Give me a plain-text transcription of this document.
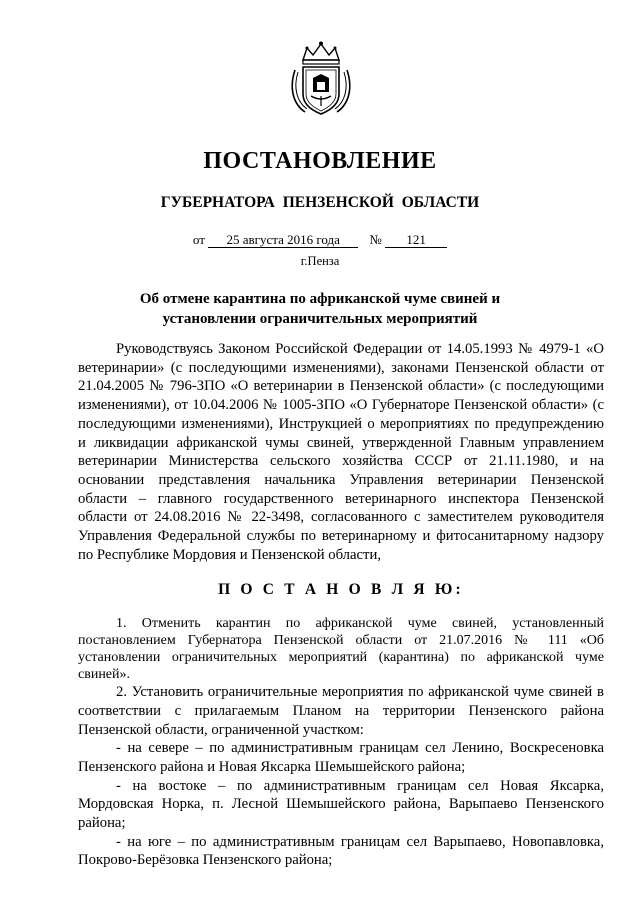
ПОСТАНОВЛЕНИЕ
ГУБЕРНАТОРА ПЕНЗЕНСКОЙ ОБЛАСТИ
от 25 августа 2016 года № 121
г.Пенза
Об отмене карантина по африканской чуме свиней и
установлении ограничительных мероприятий

Руководствуясь Законом Российской Федерации от 14.05.1993 № 4979-1 «О ветеринарии» (с последующими изменениями), законами Пензенской области от 21.04.2005 № 796-ЗПО «О ветеринарии в Пензенской области» (с последующими изменениями), от 10.04.2006 № 1005-ЗПО «О Губернаторе Пензенской области» (с последующими изменениями), Инструкцией о мероприятиях по предупреждению и ликвидации африканской чумы свиней, утвержденной Главным управлением ветеринарии Министерства сельского хозяйства СССР от 21.11.1980, и на основании представления начальника Управления ветеринарии Пензенской области – главного государственного ветеринарного инспектора Пензенской области от 24.08.2016 № 22-3498, согласованного с заместителем руководителя Управления Федеральной службы по ветеринарному и фитосанитарному надзору по Республике Мордовия и Пензенской области,

П О С Т А Н О В Л Я Ю:

1. Отменить карантин по африканской чуме свиней, установленный постановлением Губернатора Пензенской области от 21.07.2016 № 111 «Об установлении ограничительных мероприятий (карантина) по африканской чуме свиней».

2. Установить ограничительные мероприятия по африканской чуме свиней в соответствии с прилагаемым Планом на территории Пензенского района Пензенской области, ограниченной участком:

- на севере – по административным границам сел Ленино, Воскресеновка Пензенского района и Новая Яксарка Шемышейского района;

- на востоке – по административным границам сел Новая Яксарка, Мордовская Норка, п. Лесной Шемышейского района, Варыпаево Пензенского района;

- на юге – по административным границам сел Варыпаево, Новопавловка, Покрово-Берёзовка Пензенского района;
